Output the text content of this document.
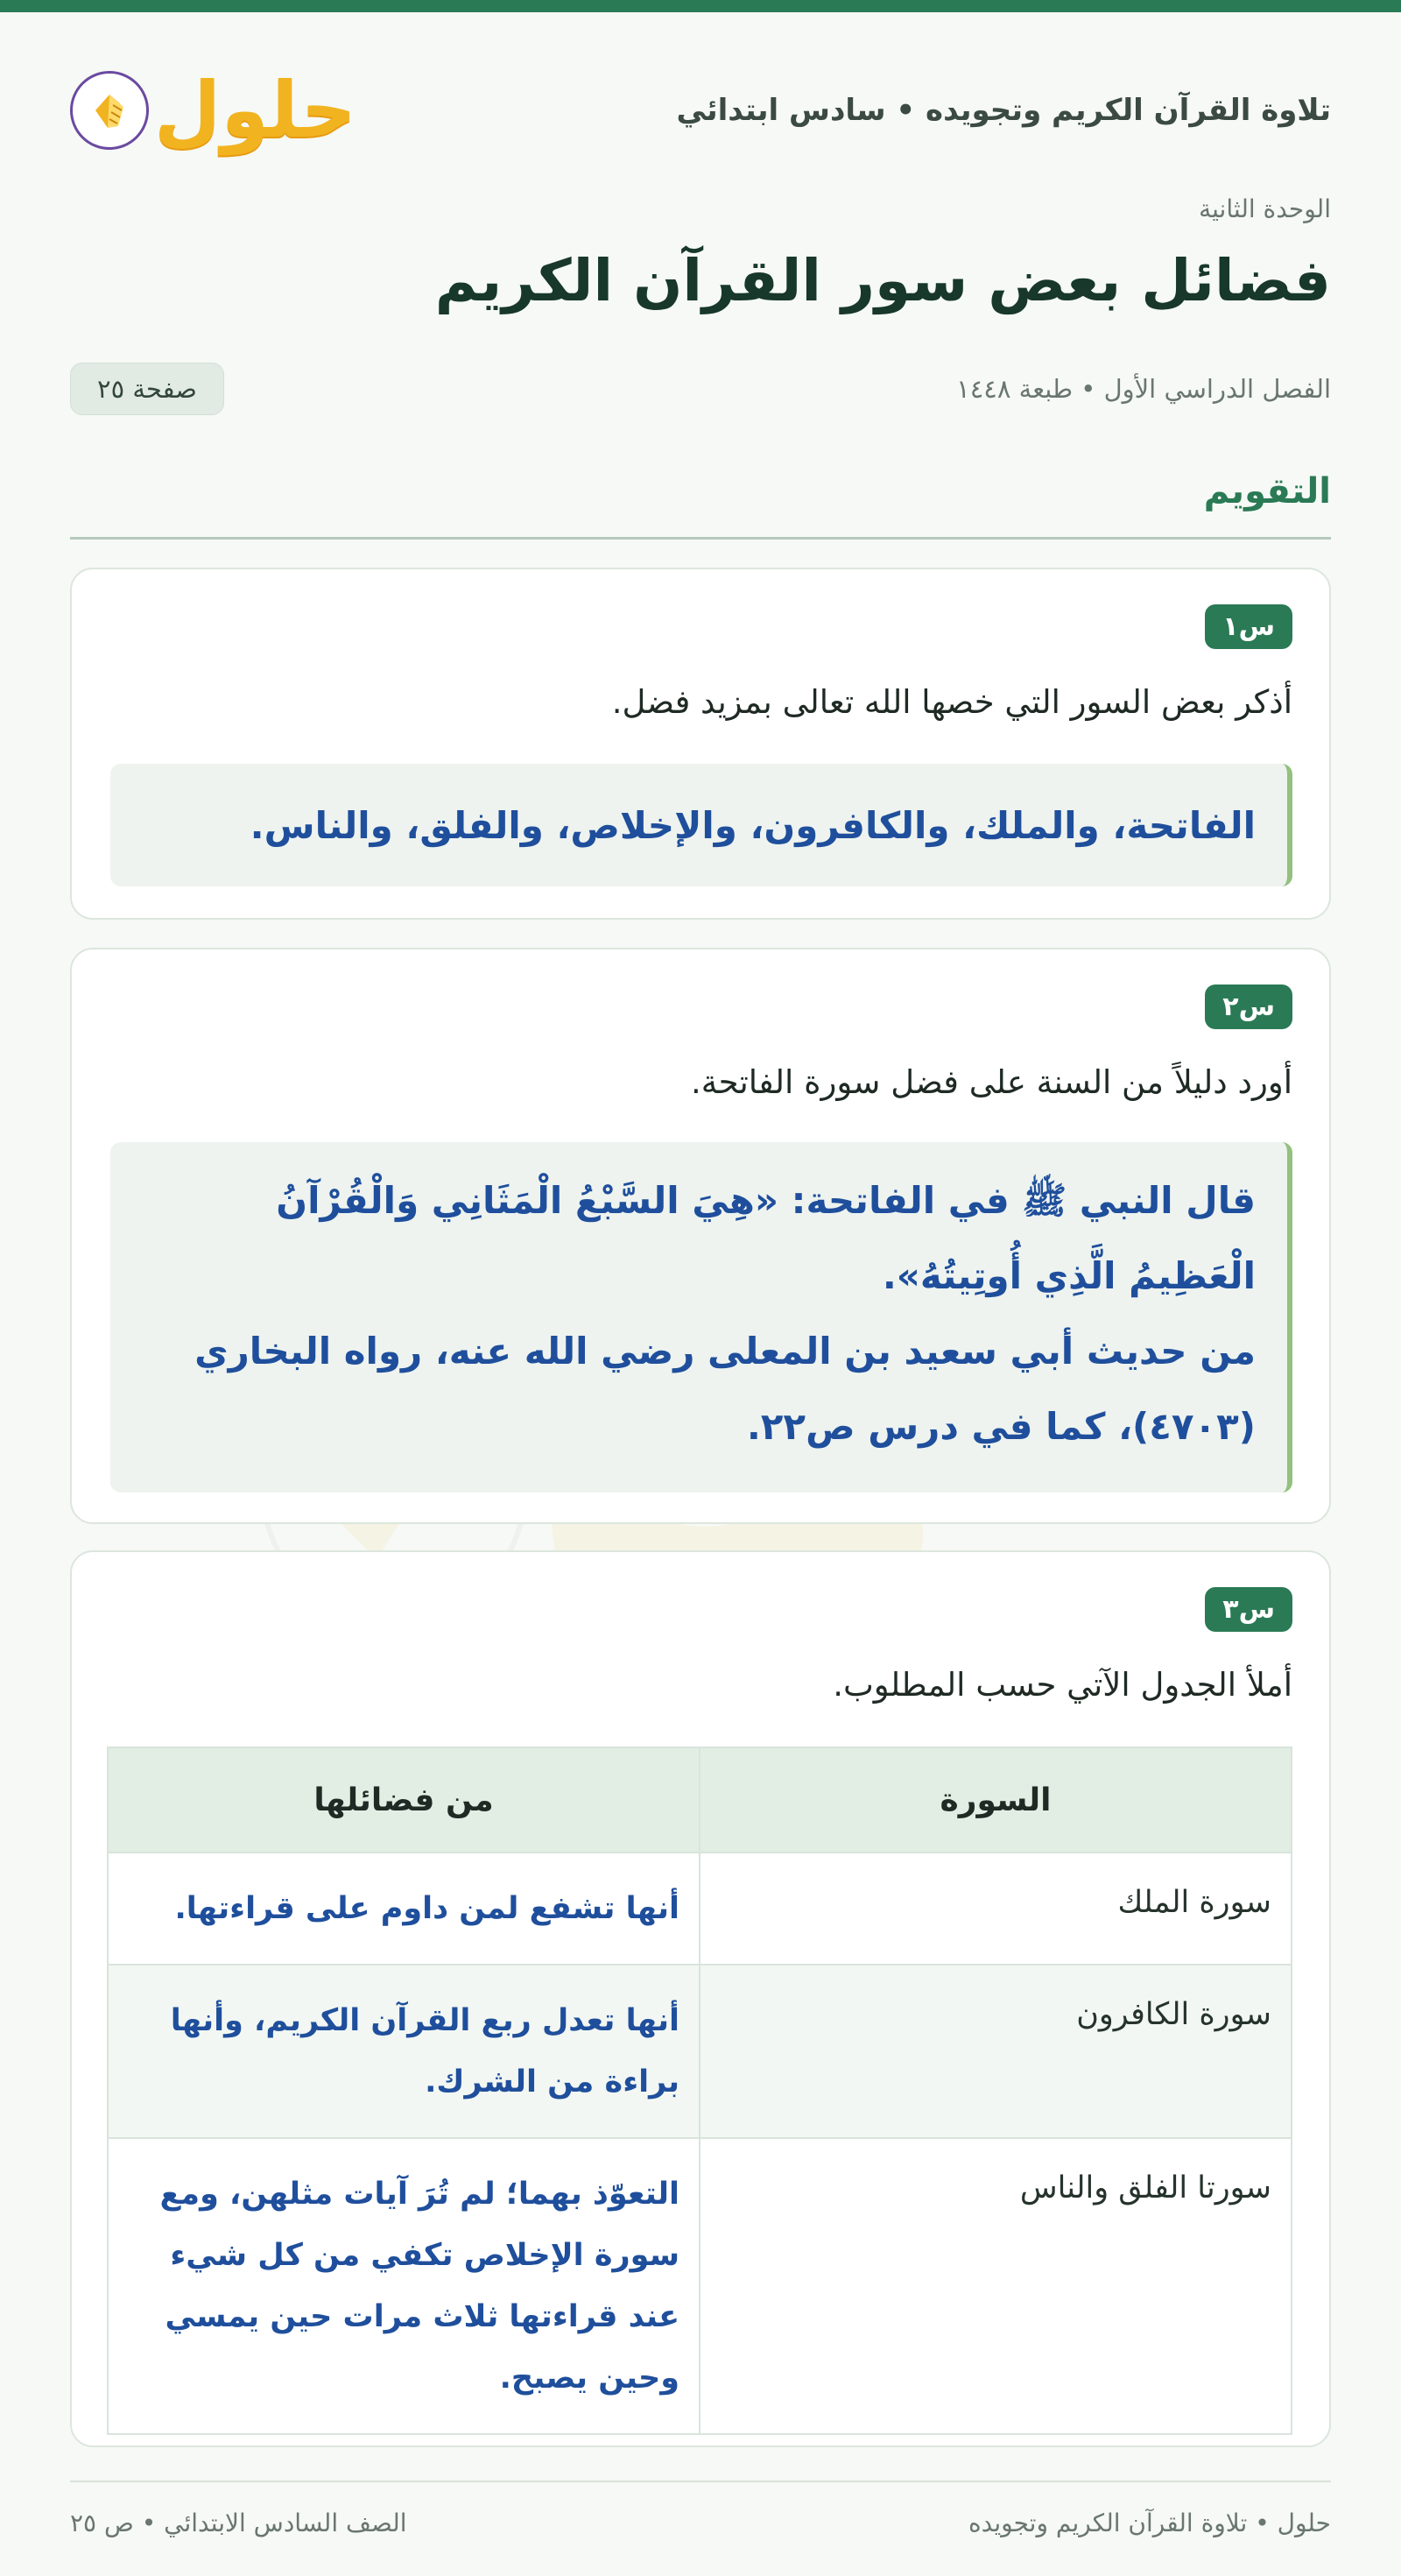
تلاوة القرآن الكريم وتجويده • سادس ابتدائي
حلول
الوحدة الثانية
فضائل بعض سور القرآن الكريم
الفصل الدراسي الأول • طبعة ١٤٤٨
صفحة ٢٥
التقويم
س١
أذكر بعض السور التي خصها الله تعالى بمزيد فضل.
الفاتحة، والملك، والكافرون، والإخلاص، والفلق، والناس.
س٢
أورد دليلاً من السنة على فضل سورة الفاتحة.
قال النبي ﷺ في الفاتحة: «هِيَ السَّبْعُ الْمَثَانِي وَالْقُرْآنُ الْعَظِيمُ الَّذِي أُوتِيتُهُ».
من حديث أبي سعيد بن المعلى رضي الله عنه، رواه البخاري (٤٧٠٣)، كما في درس ص٢٢.
س٣
أملأ الجدول الآتي حسب المطلوب.
السورة	من فضائلها
سورة الملك	أنها تشفع لمن داوم على قراءتها.
سورة الكافرون	أنها تعدل ربع القرآن الكريم، وأنها براءة من الشرك.
سورتا الفلق والناس	التعوّذ بهما؛ لم تُرَ آيات مثلهن، ومع سورة الإخلاص تكفي من كل شيء عند قراءتها ثلاث مرات حين يمسي وحين يصبح.
حلول • تلاوة القرآن الكريم وتجويده
الصف السادس الابتدائي • ص ٢٥
